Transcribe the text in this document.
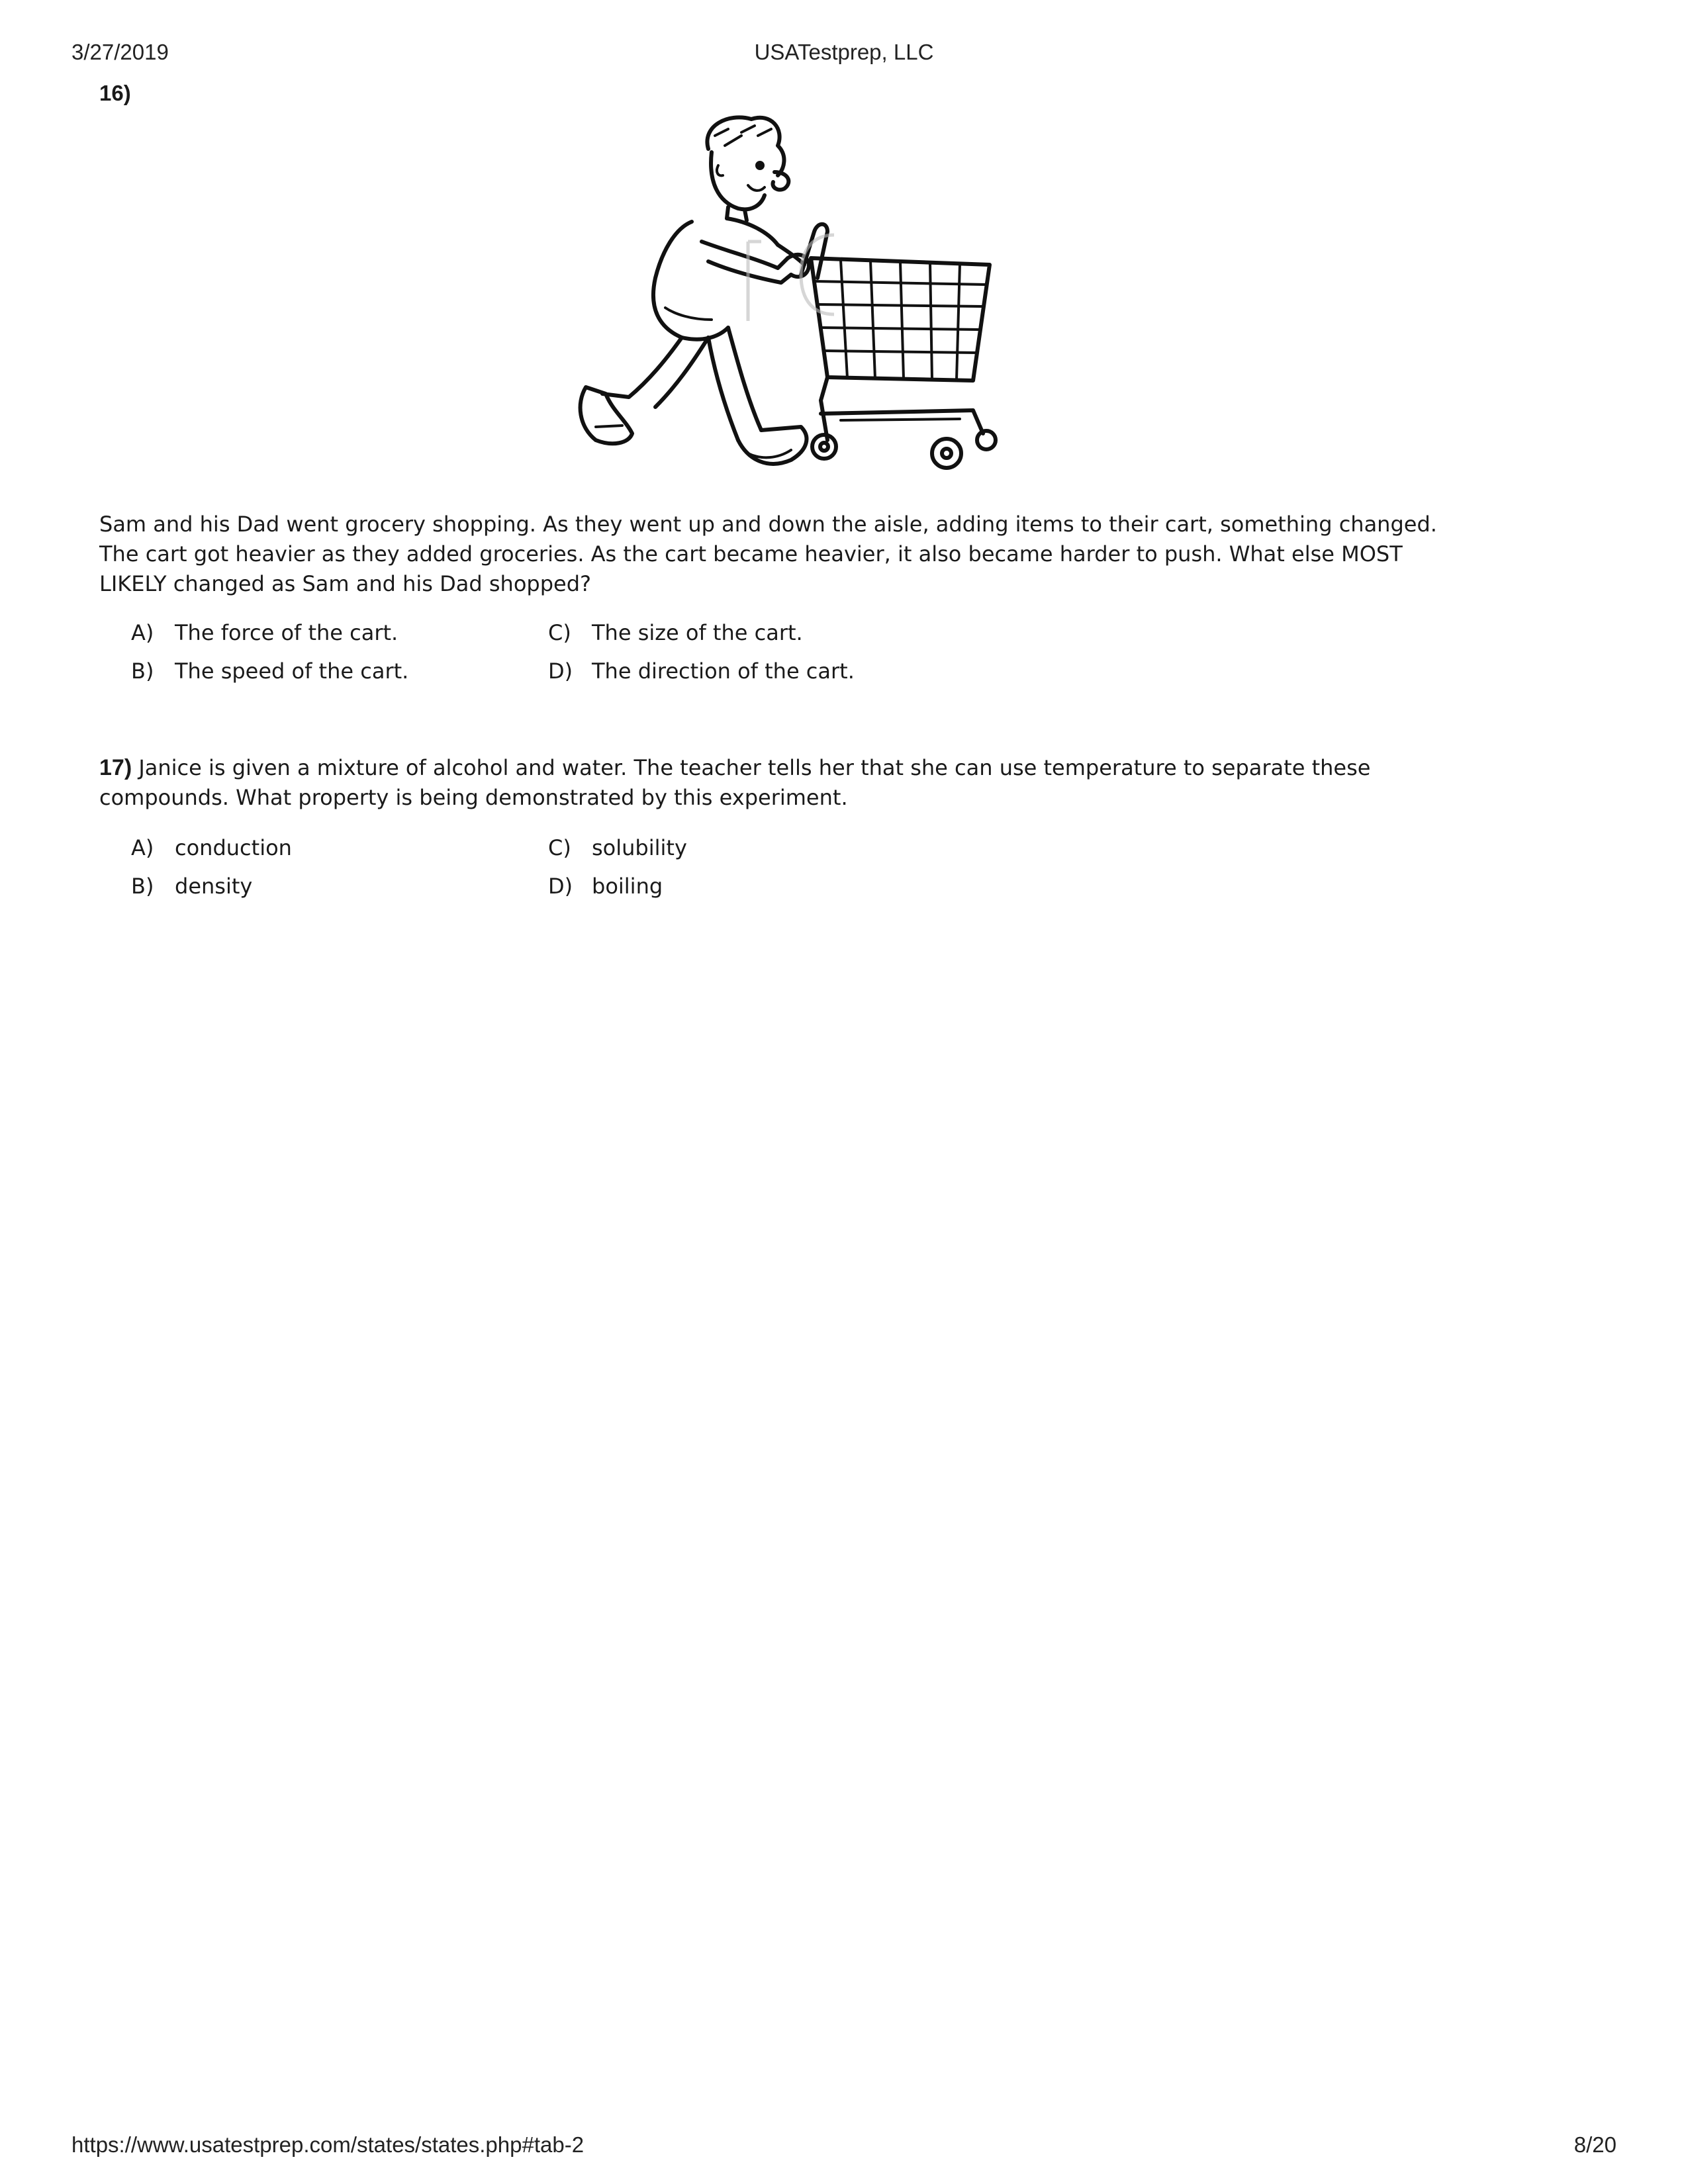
3/27/2019	USATestprep, LLC
16)
Sam and his Dad went grocery shopping. As they went up and down the aisle, adding items to their cart, something changed. The cart got heavier as they added groceries. As the cart became heavier, it also became harder to push. What else MOST LIKELY changed as Sam and his Dad shopped?
A) The force of the cart.
B) The speed of the cart.
C) The size of the cart.
D) The direction of the cart.
17) Janice is given a mixture of alcohol and water. The teacher tells her that she can use temperature to separate these compounds. What property is being demonstrated by this experiment.
A) conduction
B) density
C) solubility
D) boiling
https://www.usatestprep.com/states/states.php#tab-2	8/20
